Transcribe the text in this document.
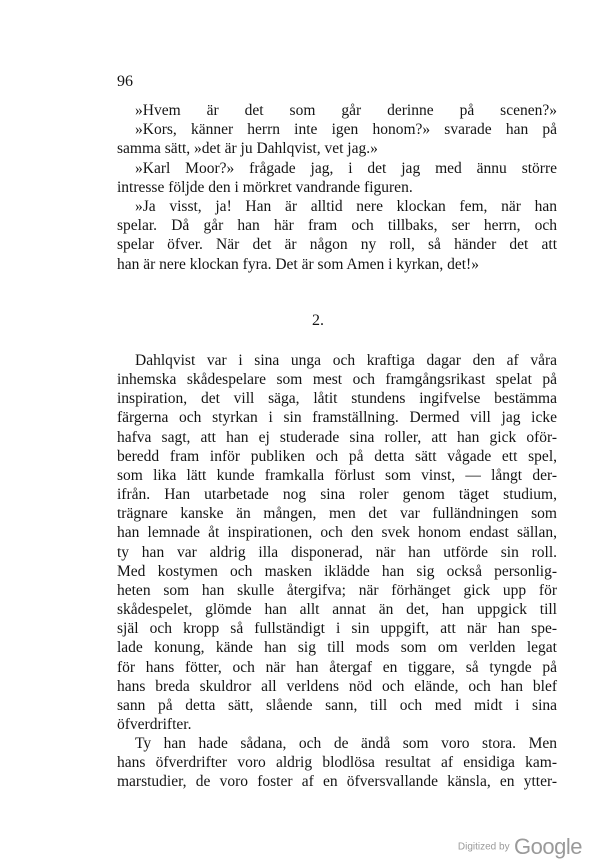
96
»Hvem är det som går derinne på scenen?»
»Kors, känner herrn inte igen honom?» svarade han på
samma sätt, »det är ju Dahlqvist, vet jag.»
»Karl Moor?» frågade jag, i det jag med ännu större
intresse följde den i mörkret vandrande figuren.
»Ja visst, ja! Han är alltid nere klockan fem, när han
spelar. Då går han här fram och tillbaks, ser herrn, och
spelar öfver. När det är någon ny roll, så händer det att
han är nere klockan fyra. Det är som Amen i kyrkan, det!»
2.
Dahlqvist var i sina unga och kraftiga dagar den af våra
inhemska skådespelare som mest och framgångsrikast spelat på
inspiration, det vill säga, låtit stundens ingifvelse bestämma
färgerna och styrkan i sin framställning. Dermed vill jag icke
hafva sagt, att han ej studerade sina roller, att han gick oför-
beredd fram inför publiken och på detta sätt vågade ett spel,
som lika lätt kunde framkalla förlust som vinst, — långt der-
ifrån. Han utarbetade nog sina roler genom täget studium,
trägnare kanske än mången, men det var fulländningen som
han lemnade åt inspirationen, och den svek honom endast sällan,
ty han var aldrig illa disponerad, när han utförde sin roll.
Med kostymen och masken iklädde han sig också personlig-
heten som han skulle återgifva; när förhänget gick upp för
skådespelet, glömde han allt annat än det, han uppgick till
själ och kropp så fullständigt i sin uppgift, att när han spe-
lade konung, kände han sig till mods som om verlden legat
för hans fötter, och när han återgaf en tiggare, så tyngde på
hans breda skuldror all verldens nöd och elände, och han blef
sann på detta sätt, slående sann, till och med midt i sina
öfverdrifter.
Ty han hade sådana, och de ändå som voro stora. Men
hans öfverdrifter voro aldrig blodlösa resultat af ensidiga kam-
marstudier, de voro foster af en öfversvallande känsla, en ytter-
Digitized by Google
